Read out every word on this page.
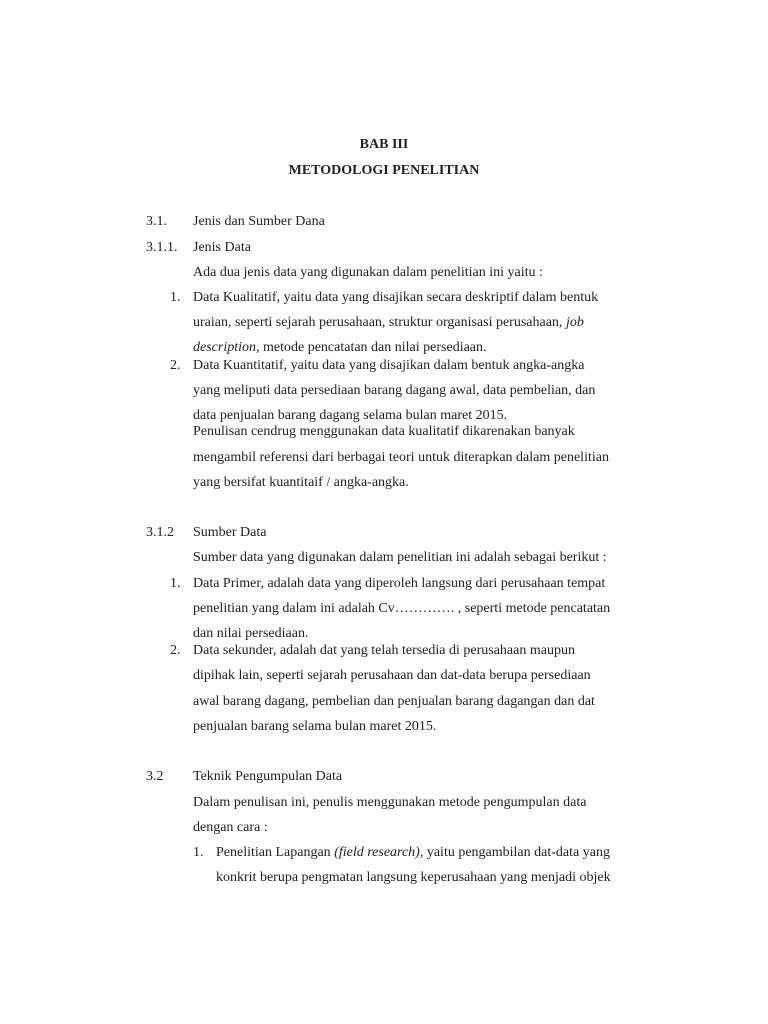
BAB III
METODOLOGI PENELITIAN
3.1. Jenis dan Sumber Dana
3.1.1. Jenis Data
Ada dua jenis data yang digunakan dalam penelitian ini yaitu :
1. Data Kualitatif, yaitu data yang disajikan secara deskriptif dalam bentuk
uraian, seperti sejarah perusahaan, struktur organisasi perusahaan, job
description, metode pencatatan dan nilai persediaan.
2. Data Kuantitatif, yaitu data yang disajikan dalam bentuk angka-angka
yang meliputi data persediaan barang dagang awal, data pembelian, dan
data penjualan barang dagang selama bulan maret 2015.
Penulisan cendrug menggunakan data kualitatif dikarenakan banyak
mengambil referensi dari berbagai teori untuk diterapkan dalam penelitian
yang bersifat kuantitaif / angka-angka.
3.1.2 Sumber Data
Sumber data yang digunakan dalam penelitian ini adalah sebagai berikut :
1. Data Primer, adalah data yang diperoleh langsung dari perusahaan tempat
penelitian yang dalam ini adalah Cv…………. , seperti metode pencatatan
dan nilai persediaan.
2. Data sekunder, adalah dat yang telah tersedia di perusahaan maupun
dipihak lain, seperti sejarah perusahaan dan dat-data berupa persediaan
awal barang dagang, pembelian dan penjualan barang dagangan dan dat
penjualan barang selama bulan maret 2015.
3.2 Teknik Pengumpulan Data
Dalam penulisan ini, penulis menggunakan metode pengumpulan data
dengan cara :
1. Penelitian Lapangan (field research), yaitu pengambilan dat-data yang
konkrit berupa pengmatan langsung keperusahaan yang menjadi objek
